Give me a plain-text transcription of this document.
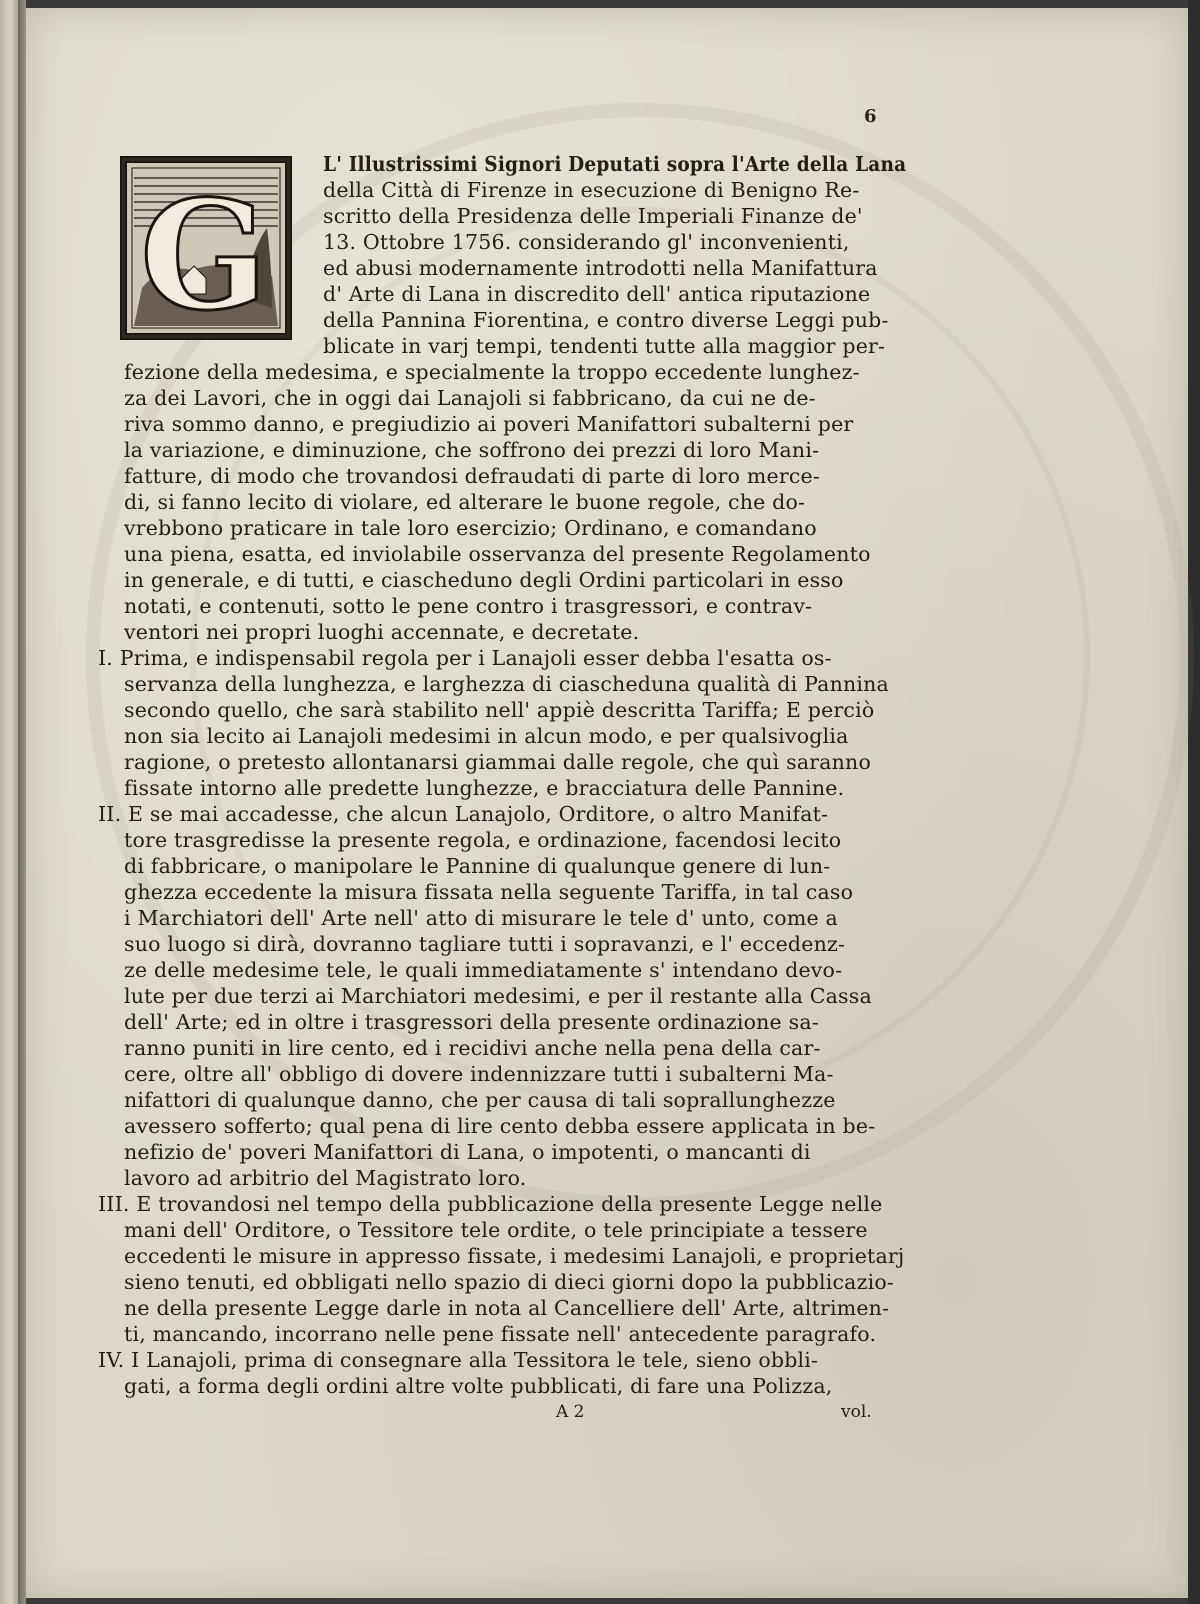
6
G
L' Illustrissimi Signori Deputati sopra l'Arte della Lana
della Città di Firenze in esecuzione di Benigno Re-
scritto della Presidenza delle Imperiali Finanze de'
13. Ottobre 1756. considerando gl' inconvenienti,
ed abusi modernamente introdotti nella Manifattura
d' Arte di Lana in discredito dell' antica riputazione
della Pannina Fiorentina, e contro diverse Leggi pub-
blicate in varj tempi, tendenti tutte alla maggior per-
fezione della medesima, e specialmente la troppo eccedente lunghez-
za dei Lavori, che in oggi dai Lanajoli si fabbricano, da cui ne de-
riva sommo danno, e pregiudizio ai poveri Manifattori subalterni per
la variazione, e diminuzione, che soffrono dei prezzi di loro Mani-
fatture, di modo che trovandosi defraudati di parte di loro merce-
di, si fanno lecito di violare, ed alterare le buone regole, che do-
vrebbono praticare in tale loro esercizio; Ordinano, e comandano
una piena, esatta, ed inviolabile osservanza del presente Regolamento
in generale, e di tutti, e ciascheduno degli Ordini particolari in esso
notati, e contenuti, sotto le pene contro i trasgressori, e contrav-
ventori nei propri luoghi accennate, e decretate.
I. Prima, e indispensabil regola per i Lanajoli esser debba l'esatta os-
servanza della lunghezza, e larghezza di ciascheduna qualità di Pannina
secondo quello, che sarà stabilito nell' appiè descritta Tariffa; E perciò
non sia lecito ai Lanajoli medesimi in alcun modo, e per qualsivoglia
ragione, o pretesto allontanarsi giammai dalle regole, che quì saranno
fissate intorno alle predette lunghezze, e bracciatura delle Pannine.
II. E se mai accadesse, che alcun Lanajolo, Orditore, o altro Manifat-
tore trasgredisse la presente regola, e ordinazione, facendosi lecito
di fabbricare, o manipolare le Pannine di qualunque genere di lun-
ghezza eccedente la misura fissata nella seguente Tariffa, in tal caso
i Marchiatori dell' Arte nell' atto di misurare le tele d' unto, come a
suo luogo si dirà, dovranno tagliare tutti i sopravanzi, e l' eccedenz-
ze delle medesime tele, le quali immediatamente s' intendano devo-
lute per due terzi ai Marchiatori medesimi, e per il restante alla Cassa
dell' Arte; ed in oltre i trasgressori della presente ordinazione sa-
ranno puniti in lire cento, ed i recidivi anche nella pena della car-
cere, oltre all' obbligo di dovere indennizzare tutti i subalterni Ma-
nifattori di qualunque danno, che per causa di tali soprallunghezze
avessero sofferto; qual pena di lire cento debba essere applicata in be-
nefizio de' poveri Manifattori di Lana, o impotenti, o mancanti di
lavoro ad arbitrio del Magistrato loro.
III. E trovandosi nel tempo della pubblicazione della presente Legge nelle
mani dell' Orditore, o Tessitore tele ordite, o tele principiate a tessere
eccedenti le misure in appresso fissate, i medesimi Lanajoli, e proprietarj
sieno tenuti, ed obbligati nello spazio di dieci giorni dopo la pubblicazio-
ne della presente Legge darle in nota al Cancelliere dell' Arte, altrimen-
ti, mancando, incorrano nelle pene fissate nell' antecedente paragrafo.
IV. I Lanajoli, prima di consegnare alla Tessitora le tele, sieno obbli-
gati, a forma degli ordini altre volte pubblicati, di fare una Polizza,
A 2	vol.
